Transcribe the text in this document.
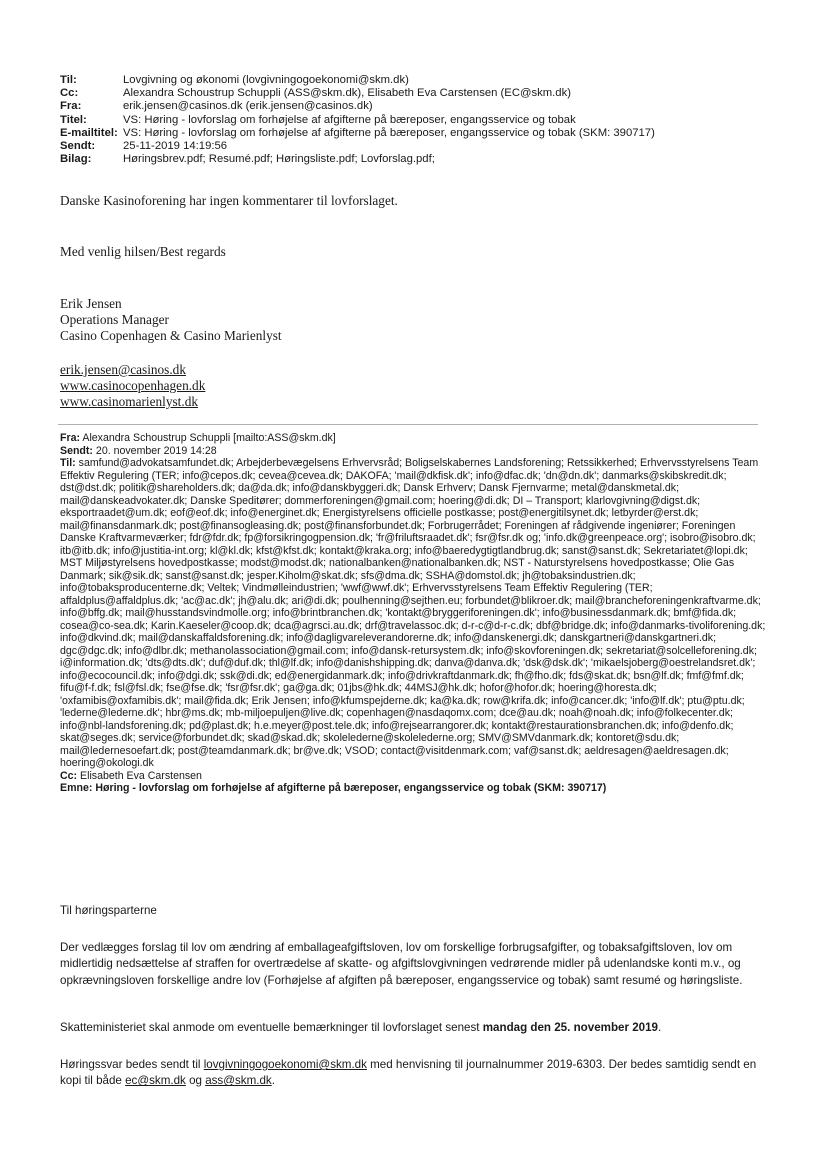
Til:	Lovgivning og økonomi (lovgivningogoekonomi@skm.dk)
Cc:	Alexandra Schoustrup Schuppli (ASS@skm.dk), Elisabeth Eva Carstensen (EC@skm.dk)
Fra:	erik.jensen@casinos.dk (erik.jensen@casinos.dk)
Titel:	VS: Høring - lovforslag om forhøjelse af afgifterne på bæreposer, engangsservice og tobak
E-mailtitel: VS: Høring - lovforslag om forhøjelse af afgifterne på bæreposer, engangsservice og tobak (SKM: 390717)
Sendt:	25-11-2019 14:19:56
Bilag:	Høringsbrev.pdf; Resumé.pdf; Høringsliste.pdf; Lovforslag.pdf;
Danske Kasinoforening har ingen kommentarer til lovforslaget.
Med venlig hilsen/Best regards
Erik Jensen
Operations Manager
Casino Copenhagen & Casino Marienlyst
erik.jensen@casinos.dk
www.casinocopenhagen.dk
www.casinomarienlyst.dk
Fra: Alexandra Schoustrup Schuppli [mailto:ASS@skm.dk]
Sendt: 20. november 2019 14:28
Til: samfund@advokatsamfundet.dk; Arbejderbevægelsens Erhvervsråd; Boligselskabernes Landsforening; Retssikkerhed; Erhvervsstyrelsens Team Effektiv Regulering (TER; info@cepos.dk; cevea@cevea.dk; DAKOFA; 'mail@dkfisk.dk'; info@dfac.dk; 'dn@dn.dk'; danmarks@skibskredit.dk; dst@dst.dk; politik@shareholders.dk; da@da.dk; info@danskbyggeri.dk; Dansk Erhverv; Dansk Fjernvarme; metal@danskmetal.dk; mail@danskeadvokater.dk; Danske Speditører; dommerforeningen@gmail.com; hoering@di.dk; DI – Transport; klarlovgivning@digst.dk; eksportraadet@um.dk; eof@eof.dk; info@energinet.dk; Energistyrelsens officielle postkasse; post@energitilsynet.dk; letbyrder@erst.dk; mail@finansdanmark.dk; post@finansogleasing.dk; post@finansforbundet.dk; Forbrugerrådet; Foreningen af rådgivende ingeniører; Foreningen Danske Kraftvarmeværker; fdr@fdr.dk; fp@forsikringogpension.dk; 'fr@friluftsraadet.dk'; fsr@fsr.dk og; 'info.dk@greenpeace.org'; isobro@isobro.dk; itb@itb.dk; info@justitia-int.org; kl@kl.dk; kfst@kfst.dk; kontakt@kraka.org; info@baeredygtigtlandbrug.dk; sanst@sanst.dk; Sekretariatet@lopi.dk; MST Miljøstyrelsens hovedpostkasse; modst@modst.dk; nationalbanken@nationalbanken.dk; NST - Naturstyrelsens hovedpostkasse; Olie Gas Danmark; sik@sik.dk; sanst@sanst.dk; jesper.Kiholm@skat.dk; sfs@dma.dk; SSHA@domstol.dk; jh@tobaksindustrien.dk; info@tobaksproducenterne.dk; Veltek; Vindmølleindustrien; 'wwf@wwf.dk'; Erhvervsstyrelsens Team Effektiv Regulering (TER; affaldplus@affaldplus.dk; 'ac@ac.dk'; jh@alu.dk; ari@di.dk; poulhenning@sejthen.eu; forbundet@blikroer.dk; mail@brancheforeningenkraftvarme.dk; info@bffg.dk; mail@husstandsvindmolle.org; info@brintbranchen.dk; 'kontakt@bryggeriforeningen.dk'; info@businessdanmark.dk; bmf@fida.dk; cosea@co-sea.dk; Karin.Kaeseler@coop.dk; dca@agrsci.au.dk; drf@travelassoc.dk; d-r-c@d-r-c.dk; dbf@bridge.dk; info@danmarks-tivoliforening.dk; info@dkvind.dk; mail@danskaffaldsforening.dk; info@dagligvareleverandorerne.dk; info@danskenergi.dk; danskgartneri@danskgartneri.dk; dgc@dgc.dk; info@dlbr.dk; methanolassociation@gmail.com; info@dansk-retursystem.dk; info@skovforeningen.dk; sekretariat@solcelleforening.dk; i@information.dk; 'dts@dts.dk'; duf@duf.dk; thl@lf.dk; info@danishshipping.dk; danva@danva.dk; 'dsk@dsk.dk'; 'mikaelsjoberg@oestrelandsret.dk'; info@ecocouncil.dk; info@dgi.dk; ssk@di.dk; ed@energidanmark.dk; info@drivkraftdanmark.dk; fh@fho.dk; fds@skat.dk; bsn@lf.dk; fmf@fmf.dk; fifu@f-f.dk; fsl@fsl.dk; fse@fse.dk; 'fsr@fsr.dk'; ga@ga.dk; 01jbs@hk.dk; 44MSJ@hk.dk; hofor@hofor.dk; hoering@horesta.dk; 'oxfamibis@oxfamibis.dk'; mail@fida.dk; Erik Jensen; info@kfumspejderne.dk; ka@ka.dk; row@krifa.dk; info@cancer.dk; 'info@lf.dk'; ptu@ptu.dk; 'lederne@lederne.dk'; hbr@ms.dk; mb-miljoepuljen@live.dk; copenhagen@nasdaqomx.com; dce@au.dk; noah@noah.dk; info@folkecenter.dk; info@nbl-landsforening.dk; pd@plast.dk; h.e.meyer@post.tele.dk; info@rejsearrangorer.dk; kontakt@restaurationsbranchen.dk; info@denfo.dk; skat@seges.dk; service@forbundet.dk; skad@skad.dk; skolelederne@skolelederne.org; SMV@SMVdanmark.dk; kontoret@sdu.dk; mail@ledernesoefart.dk; post@teamdanmark.dk; br@ve.dk; VSOD; contact@visitdenmark.com; vaf@sanst.dk; aeldresagen@aeldresagen.dk; hoering@okologi.dk
Cc: Elisabeth Eva Carstensen
Emne: Høring - lovforslag om forhøjelse af afgifterne på bæreposer, engangsservice og tobak (SKM: 390717)
Til høringsparterne
Der vedlægges forslag til lov om ændring af emballageafgiftsloven, lov om forskellige forbrugsafgifter, og tobaksafgiftsloven, lov om midlertidig nedsættelse af straffen for overtrædelse af skatte- og afgiftslovgivningen vedrørende midler på udenlandske konti m.v., og opkrævningsloven forskellige andre lov (Forhøjelse af afgiften på bæreposer, engangsservice og tobak) samt resumé og høringsliste.
Skatteministeriet skal anmode om eventuelle bemærkninger til lovforslaget senest mandag den 25. november 2019.
Høringssvar bedes sendt til lovgivningogoekonomi@skm.dk med henvisning til journalnummer 2019-6303. Der bedes samtidig sendt en kopi til både ec@skm.dk og ass@skm.dk.
